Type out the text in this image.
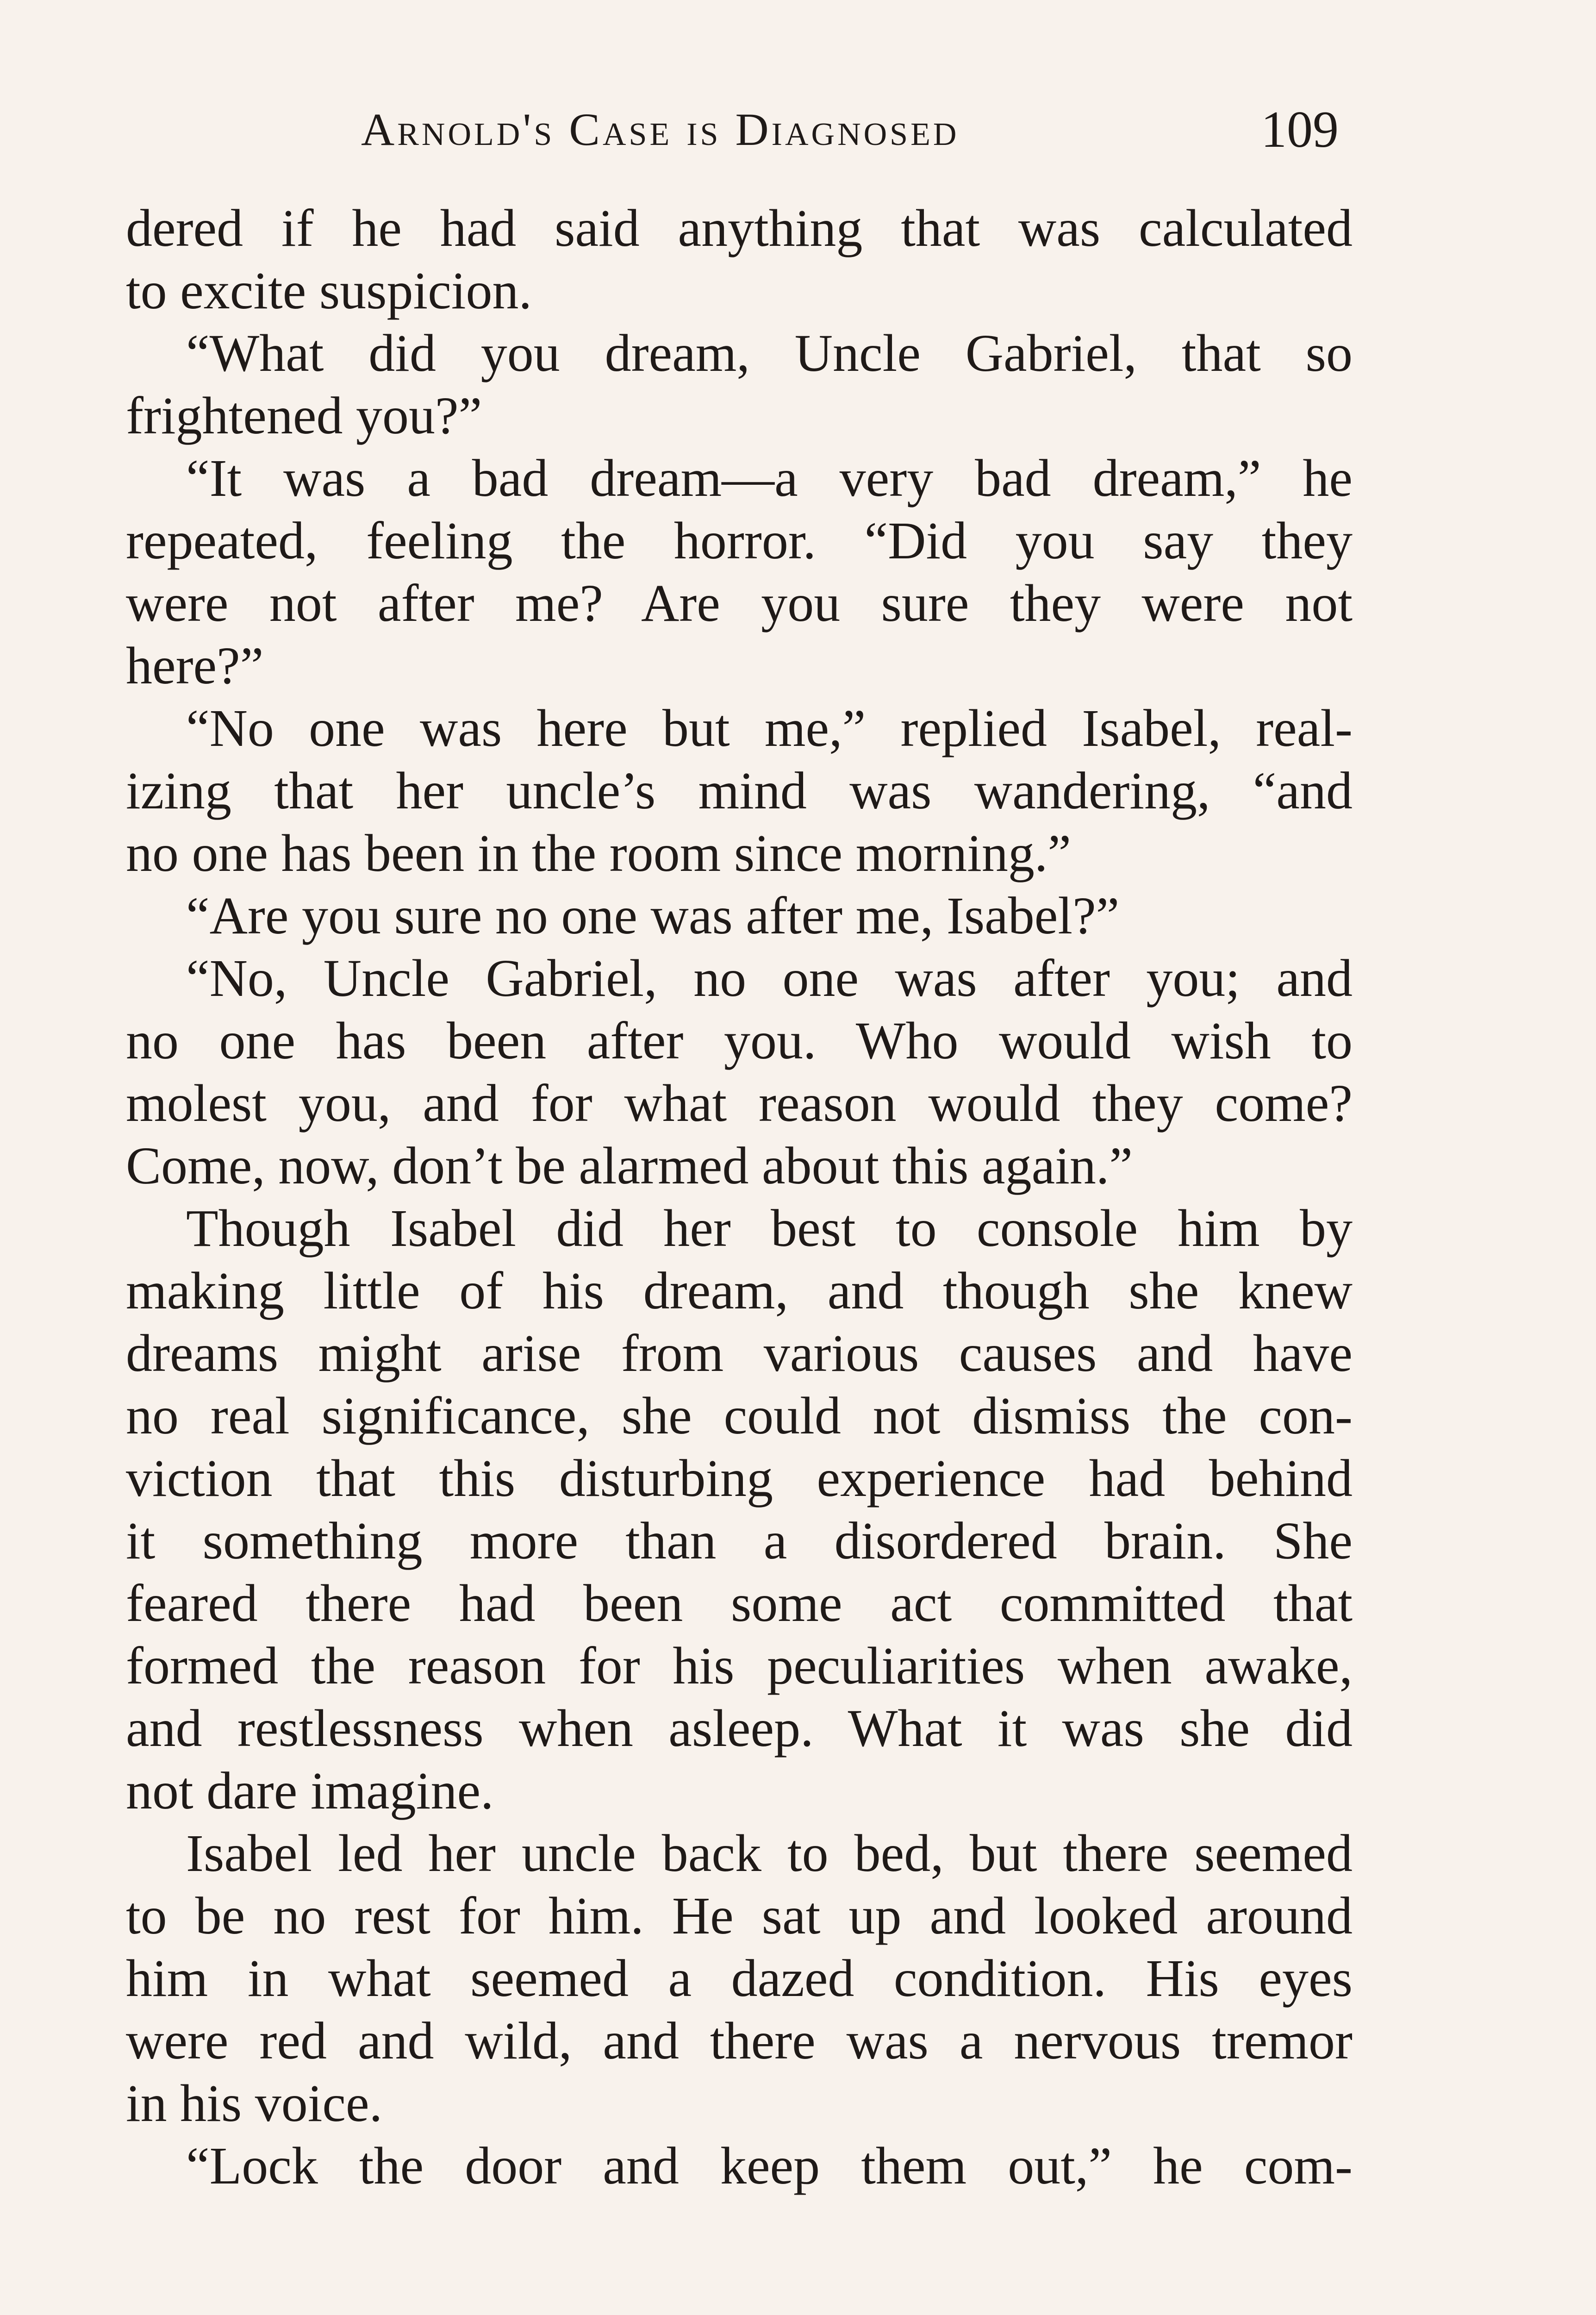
Arnold's Case is Diagnosed	109
dered if he had said anything that was calculated
to excite suspicion.
“What did you dream, Uncle Gabriel, that so
frightened you?”
“It was a bad dream—a very bad dream,” he
repeated, feeling the horror. “Did you say they
were not after me? Are you sure they were not
here?”
“No one was here but me,” replied Isabel, real-
izing that her uncle’s mind was wandering, “and
no one has been in the room since morning.”
“Are you sure no one was after me, Isabel?”
“No, Uncle Gabriel, no one was after you; and
no one has been after you. Who would wish to
molest you, and for what reason would they come?
Come, now, don’t be alarmed about this again.”
Though Isabel did her best to console him by
making little of his dream, and though she knew
dreams might arise from various causes and have
no real significance, she could not dismiss the con-
viction that this disturbing experience had behind
it something more than a disordered brain. She
feared there had been some act committed that
formed the reason for his peculiarities when awake,
and restlessness when asleep. What it was she did
not dare imagine.
Isabel led her uncle back to bed, but there seemed
to be no rest for him. He sat up and looked around
him in what seemed a dazed condition. His eyes
were red and wild, and there was a nervous tremor
in his voice.
“Lock the door and keep them out,” he com-
